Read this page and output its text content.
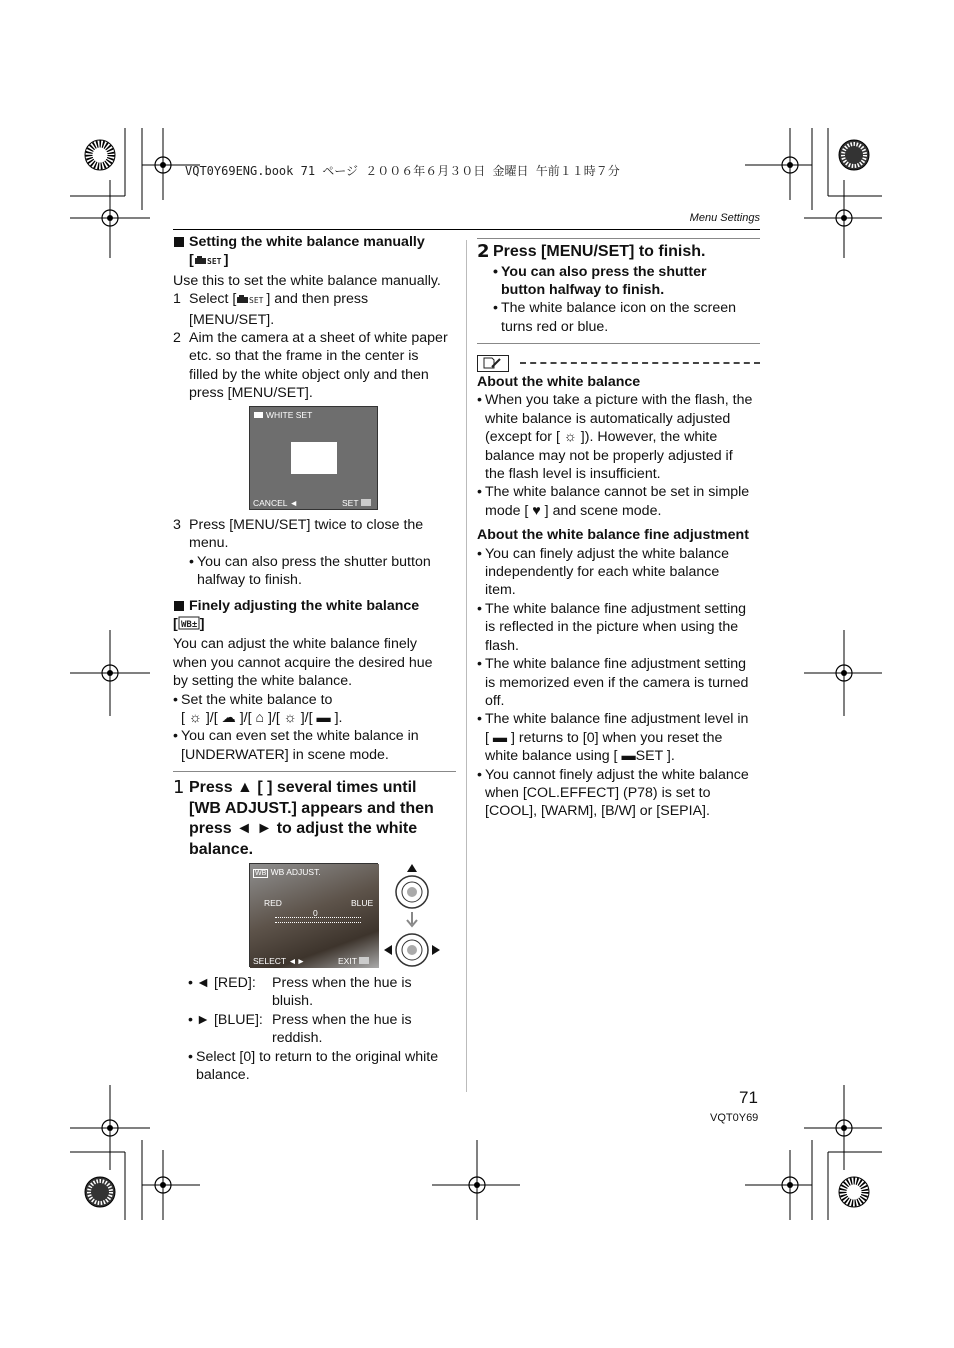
VQT0Y69ENG.book 71 ページ ２００６年６月３０日 金曜日 午前１１時７分
Menu Settings

Setting the white balance manually

[ SET ]

Use this to set the white balance manually.

1 Select [ SET ] and then press
[MENU/SET].
2 Aim the camera at a sheet of white paper
etc. so that the frame in the center is
filled by the white object only and then
press [MENU/SET].
WHITE SET
CANCEL ◄	SET
3 Press [MENU/SET] twice to close the
menu.

• You can also press the shutter button
halfway to finish.

Finely adjusting the white balance

[ WB± ]

You can adjust the white balance finely
when you cannot acquire the desired hue
by setting the white balance.

• Set the white balance to
[ ☼ ]/[ ☁ ]/[ ⌂ ]/[ ☼ ]/[ ▬ ].

• You can even set the white balance in
[UNDERWATER] in scene mode.

1 Press ▲ [ ] several times until
[WB ADJUST.] appears and then
press ◄ ► to adjust the white
balance.
WB WB ADJUST.
RED	BLUE
0
SELECT ◄►	EXIT
• ◄ [RED]:	Press when the hue is
bluish.
• ► [BLUE]: Press when the hue is
reddish.

• Select [0] to return to the original white
balance.

2 Press [MENU/SET] to finish.

• You can also press the shutter
button halfway to finish.

• The white balance icon on the screen
turns red or blue.

About the white balance

• When you take a picture with the flash, the
white balance is automatically adjusted
(except for [ ☼ ]). However, the white
balance may not be properly adjusted if
the flash level is insufficient.

• The white balance cannot be set in simple
mode [ ♥ ] and scene mode.

About the white balance fine adjustment

• You can finely adjust the white balance
independently for each white balance
item.

• The white balance fine adjustment setting
is reflected in the picture when using the
flash.

• The white balance fine adjustment setting
is memorized even if the camera is turned
off.

• The white balance fine adjustment level in
[ ▬ ] returns to [0] when you reset the
white balance using [ ▬SET ].

• You cannot finely adjust the white balance
when [COL.EFFECT] (P78) is set to
[COOL], [WARM], [B/W] or [SEPIA].

71
VQT0Y69
